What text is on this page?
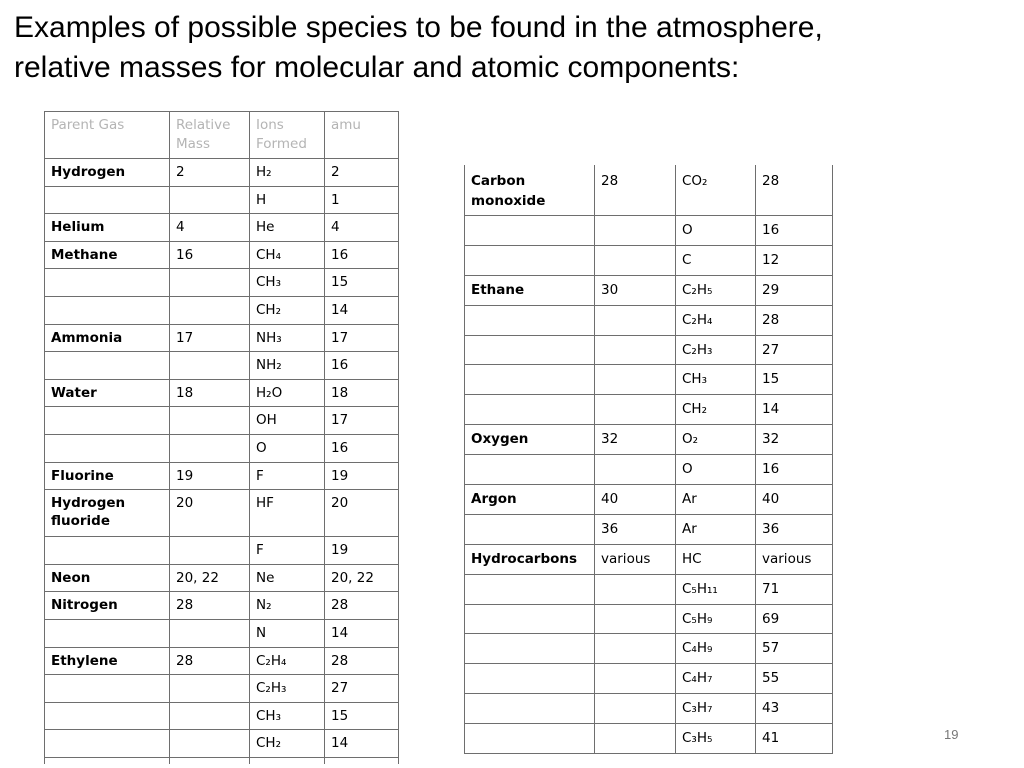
Examples of possible species to be found in the atmosphere,
relative masses for molecular and atomic components:
Parent Gas	Relative Mass	Ions Formed	amu
Hydrogen	2	H₂	2
		H	1
Helium	4	He	4
Methane	16	CH₄	16
		CH₃	15
		CH₂	14
Ammonia	17	NH₃	17
		NH₂	16
Water	18	H₂O	18
		OH	17
		O	16
Fluorine	19	F	19
Hydrogen fluoride	20	HF	20
		F	19
Neon	20, 22	Ne	20, 22
Nitrogen	28	N₂	28
		N	14
Ethylene	28	C₂H₄	28
		C₂H₃	27
		CH₃	15
		CH₂	14

Carbon monoxide	28	CO₂	28
		O	16
		C	12
Ethane	30	C₂H₅	29
		C₂H₄	28
		C₂H₃	27
		CH₃	15
		CH₂	14
Oxygen	32	O₂	32
		O	16
Argon	40	Ar	40
	36	Ar	36
Hydrocarbons	various	HC	various
		C₅H₁₁	71
		C₅H₉	69
		C₄H₉	57
		C₄H₇	55
		C₃H₇	43
		C₃H₅	41	19
